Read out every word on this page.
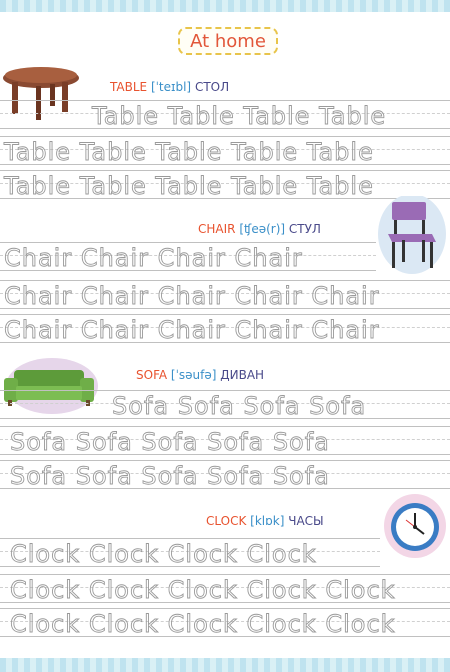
At home
TABLE [ˈteɪbl] СТОЛ
Table Table Table Table
Table Table Table Table Table
Table Table Table Table Table
CHAIR [ʧeə(r)] СТУЛ
Chair Chair Chair Chair
Chair Chair Chair Chair Chair
Chair Chair Chair Chair Chair
SOFA [ˈsəufə] ДИВАН
Sofa Sofa Sofa Sofa
Sofa Sofa Sofa Sofa Sofa
Sofa Sofa Sofa Sofa Sofa
CLOCK [klɒk] ЧАСЫ
Clock Clock Clock Clock
Clock Clock Clock Clock Clock
Clock Clock Clock Clock Clock
